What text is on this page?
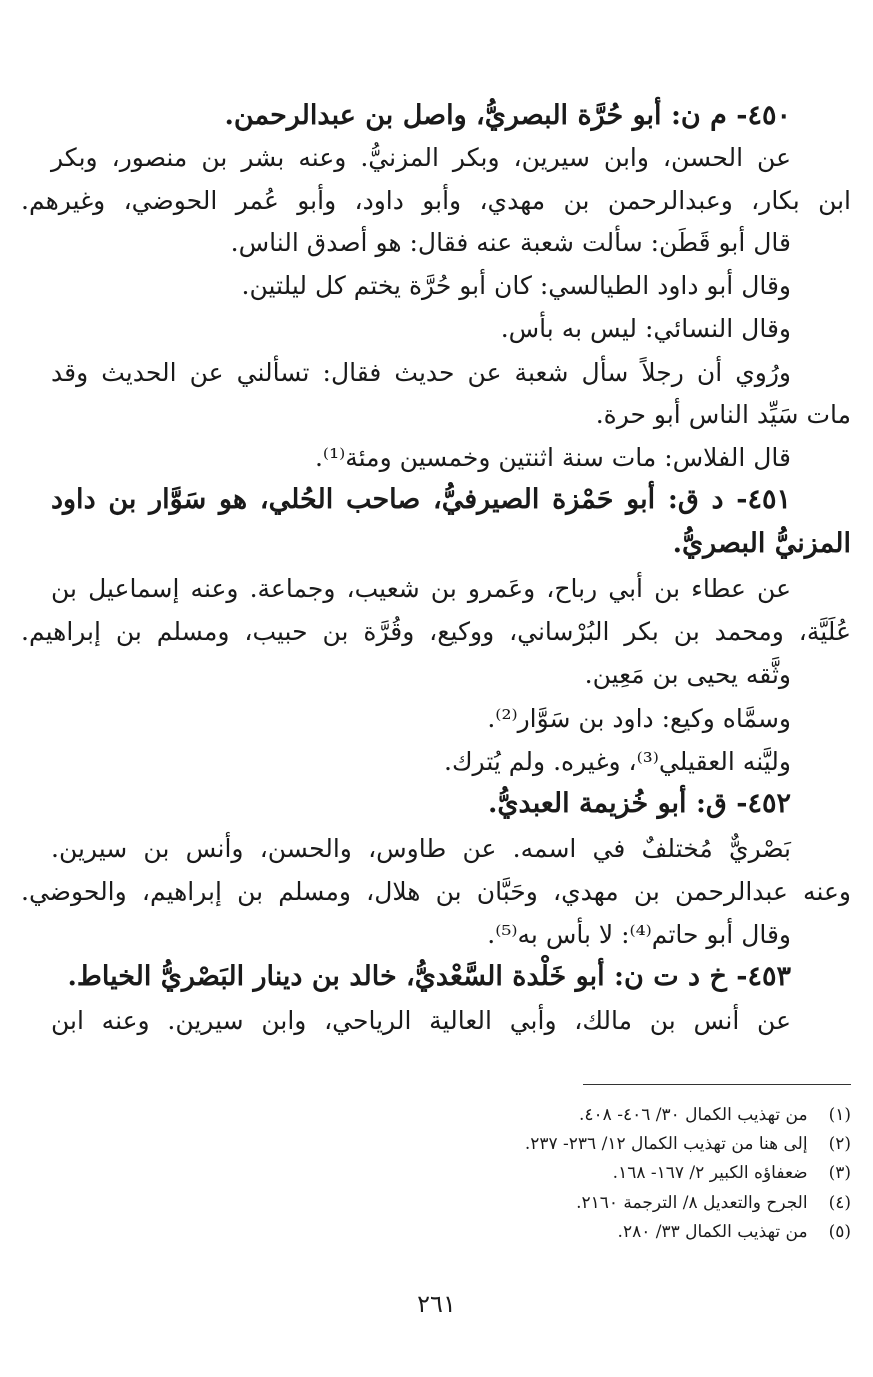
٤٥٠- م ن: أبو حُرَّة البصريُّ، واصل بن عبدالرحمن.
عن الحسن، وابن سيرين، وبكر المزنيُّ. وعنه بشر بن منصور، وبكر
ابن بكار، وعبدالرحمن بن مهدي، وأبو داود، وأبو عُمر الحوضي، وغيرهم.
قال أبو قَطَن: سألت شعبة عنه فقال: هو أصدق الناس.
وقال أبو داود الطيالسي: كان أبو حُرَّة يختم كل ليلتين.
وقال النسائي: ليس به بأس.
ورُوي أن رجلاً سأل شعبة عن حديث فقال: تسألني عن الحديث وقد
مات سَيِّد الناس أبو حرة.
قال الفلاس: مات سنة اثنتين وخمسين ومئة⁽¹⁾.
٤٥١- د ق: أبو حَمْزة الصيرفيُّ، صاحب الحُلي، هو سَوَّار بن داود
المزنيُّ البصريُّ.
عن عطاء بن أبي رباح، وعَمرو بن شعيب، وجماعة. وعنه إسماعيل بن
عُلَيَّة، ومحمد بن بكر البُرْساني، ووكيع، وقُرَّة بن حبيب، ومسلم بن إبراهيم.
وثَّقه يحيى بن مَعِين.
وسمَّاه وكيع: داود بن سَوَّار⁽²⁾.
وليَّنه العقيلي⁽³⁾، وغيره. ولم يُترك.
٤٥٢- ق: أبو خُزيمة العبديُّ.
بَصْريٌّ مُختلفٌ في اسمه. عن طاوس، والحسن، وأنس بن سيرين.
وعنه عبدالرحمن بن مهدي، وحَبَّان بن هلال، ومسلم بن إبراهيم، والحوضي.
وقال أبو حاتم⁽⁴⁾: لا بأس به⁽⁵⁾.
٤٥٣- خ د ت ن: أبو خَلْدة السَّعْديُّ، خالد بن دينار البَصْريُّ الخياط.
عن أنس بن مالك، وأبي العالية الرياحي، وابن سيرين. وعنه ابن
(١) من تهذيب الكمال ٣٠/ ٤٠٦- ٤٠٨.
(٢) إلى هنا من تهذيب الكمال ١٢/ ٢٣٦- ٢٣٧.
(٣) ضعفاؤه الكبير ٢/ ١٦٧- ١٦٨.
(٤) الجرح والتعديل ٨/ الترجمة ٢١٦٠.
(٥) من تهذيب الكمال ٣٣/ ٢٨٠.
٢٦١
